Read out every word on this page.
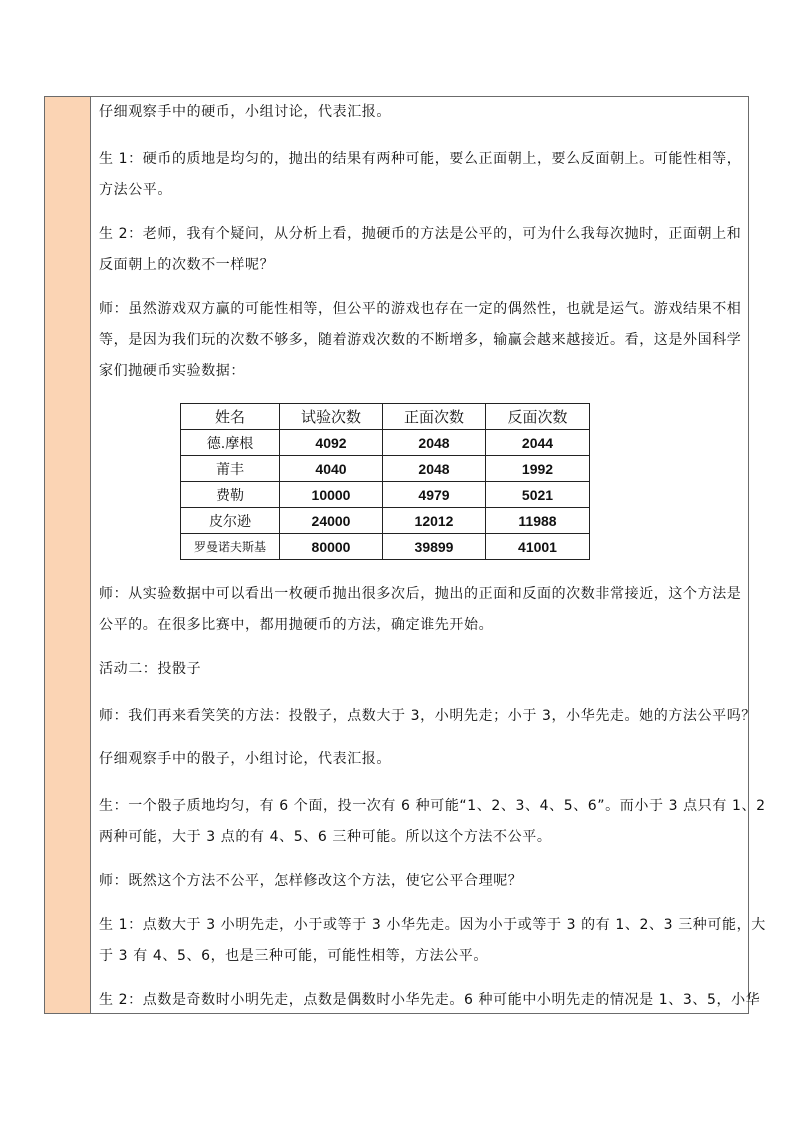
仔细观察手中的硬币，小组讨论，代表汇报。

生 1：硬币的质地是均匀的，抛出的结果有两种可能，要么正面朝上，要么反面朝上。可能性相等，
方法公平。

生 2：老师，我有个疑问，从分析上看，抛硬币的方法是公平的，可为什么我每次抛时，正面朝上和
反面朝上的次数不一样呢？

师：虽然游戏双方赢的可能性相等，但公平的游戏也存在一定的偶然性，也就是运气。游戏结果不相
等，是因为我们玩的次数不够多，随着游戏次数的不断增多，输赢会越来越接近。看，这是外国科学
家们抛硬币实验数据：

姓名	试验次数	正面次数	反面次数
德.摩根	4092	2048	2044
莆丰	4040	2048	1992
费勒	10000	4979	5021
皮尔逊	24000	12012	11988
罗曼诺夫斯基	80000	39899	41001

师：从实验数据中可以看出一枚硬币抛出很多次后，抛出的正面和反面的次数非常接近，这个方法是
公平的。在很多比赛中，都用抛硬币的方法，确定谁先开始。

活动二：投骰子

师：我们再来看笑笑的方法：投骰子，点数大于 3，小明先走；小于 3，小华先走。她的方法公平吗？

仔细观察手中的骰子，小组讨论，代表汇报。

生：一个骰子质地均匀，有 6 个面，投一次有 6 种可能“1、2、3、4、5、6”。而小于 3 点只有 1、2
两种可能，大于 3 点的有 4、5、6 三种可能。所以这个方法不公平。

师：既然这个方法不公平，怎样修改这个方法，使它公平合理呢？

生 1：点数大于 3 小明先走，小于或等于 3 小华先走。因为小于或等于 3 的有 1、2、3 三种可能，大
于 3 有 4、5、6，也是三种可能，可能性相等，方法公平。

生 2：点数是奇数时小明先走，点数是偶数时小华先走。6 种可能中小明先走的情况是 1、3、5，小华
